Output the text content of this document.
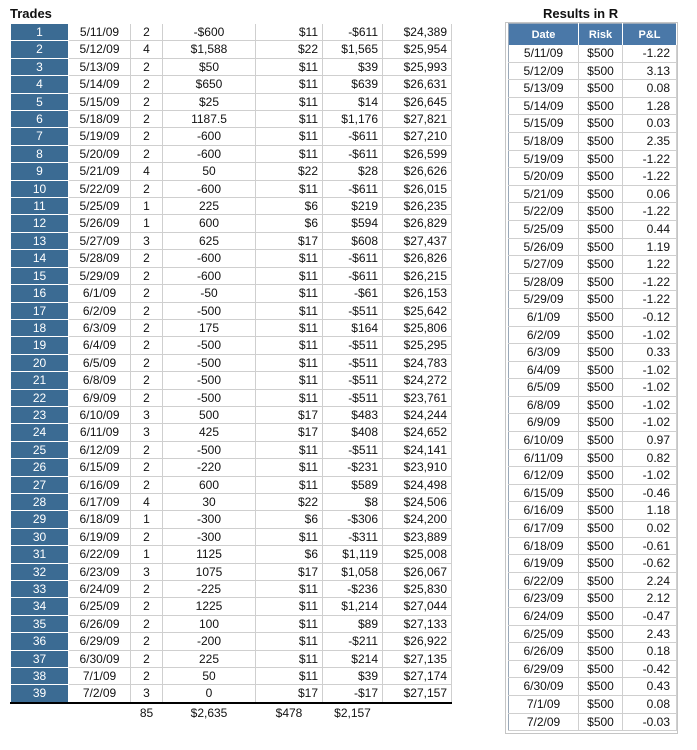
Trades	Results in R
1	5/11/09	2	-$600	$11	-$611	$24,389
2	5/12/09	4	$1,588	$22	$1,565	$25,954
3	5/13/09	2	$50	$11	$39	$25,993
4	5/14/09	2	$650	$11	$639	$26,631
5	5/15/09	2	$25	$11	$14	$26,645
6	5/18/09	2	1187.5	$11	$1,176	$27,821
7	5/19/09	2	-600	$11	-$611	$27,210
8	5/20/09	2	-600	$11	-$611	$26,599
9	5/21/09	4	50	$22	$28	$26,626
10	5/22/09	2	-600	$11	-$611	$26,015
11	5/25/09	1	225	$6	$219	$26,235
12	5/26/09	1	600	$6	$594	$26,829
13	5/27/09	3	625	$17	$608	$27,437
14	5/28/09	2	-600	$11	-$611	$26,826
15	5/29/09	2	-600	$11	-$611	$26,215
16	6/1/09	2	-50	$11	-$61	$26,153
17	6/2/09	2	-500	$11	-$511	$25,642
18	6/3/09	2	175	$11	$164	$25,806
19	6/4/09	2	-500	$11	-$511	$25,295
20	6/5/09	2	-500	$11	-$511	$24,783
21	6/8/09	2	-500	$11	-$511	$24,272
22	6/9/09	2	-500	$11	-$511	$23,761
23	6/10/09	3	500	$17	$483	$24,244
24	6/11/09	3	425	$17	$408	$24,652
25	6/12/09	2	-500	$11	-$511	$24,141
26	6/15/09	2	-220	$11	-$231	$23,910
27	6/16/09	2	600	$11	$589	$24,498
28	6/17/09	4	30	$22	$8	$24,506
29	6/18/09	1	-300	$6	-$306	$24,200
30	6/19/09	2	-300	$11	-$311	$23,889
31	6/22/09	1	1125	$6	$1,119	$25,008
32	6/23/09	3	1075	$17	$1,058	$26,067
33	6/24/09	2	-225	$11	-$236	$25,830
34	6/25/09	2	1225	$11	$1,214	$27,044
35	6/26/09	2	100	$11	$89	$27,133
36	6/29/09	2	-200	$11	-$211	$26,922
37	6/30/09	2	225	$11	$214	$27,135
38	7/1/09	2	50	$11	$39	$27,174
39	7/2/09	3	0	$17	-$17	$27,157
		85	$2,635	$478	$2,157	
Date	Risk	P&L
5/11/09	$500	-1.22
5/12/09	$500	3.13
5/13/09	$500	0.08
5/14/09	$500	1.28
5/15/09	$500	0.03
5/18/09	$500	2.35
5/19/09	$500	-1.22
5/20/09	$500	-1.22
5/21/09	$500	0.06
5/22/09	$500	-1.22
5/25/09	$500	0.44
5/26/09	$500	1.19
5/27/09	$500	1.22
5/28/09	$500	-1.22
5/29/09	$500	-1.22
6/1/09	$500	-0.12
6/2/09	$500	-1.02
6/3/09	$500	0.33
6/4/09	$500	-1.02
6/5/09	$500	-1.02
6/8/09	$500	-1.02
6/9/09	$500	-1.02
6/10/09	$500	0.97
6/11/09	$500	0.82
6/12/09	$500	-1.02
6/15/09	$500	-0.46
6/16/09	$500	1.18
6/17/09	$500	0.02
6/18/09	$500	-0.61
6/19/09	$500	-0.62
6/22/09	$500	2.24
6/23/09	$500	2.12
6/24/09	$500	-0.47
6/25/09	$500	2.43
6/26/09	$500	0.18
6/29/09	$500	-0.42
6/30/09	$500	0.43
7/1/09	$500	0.08
7/2/09	$500	-0.03
